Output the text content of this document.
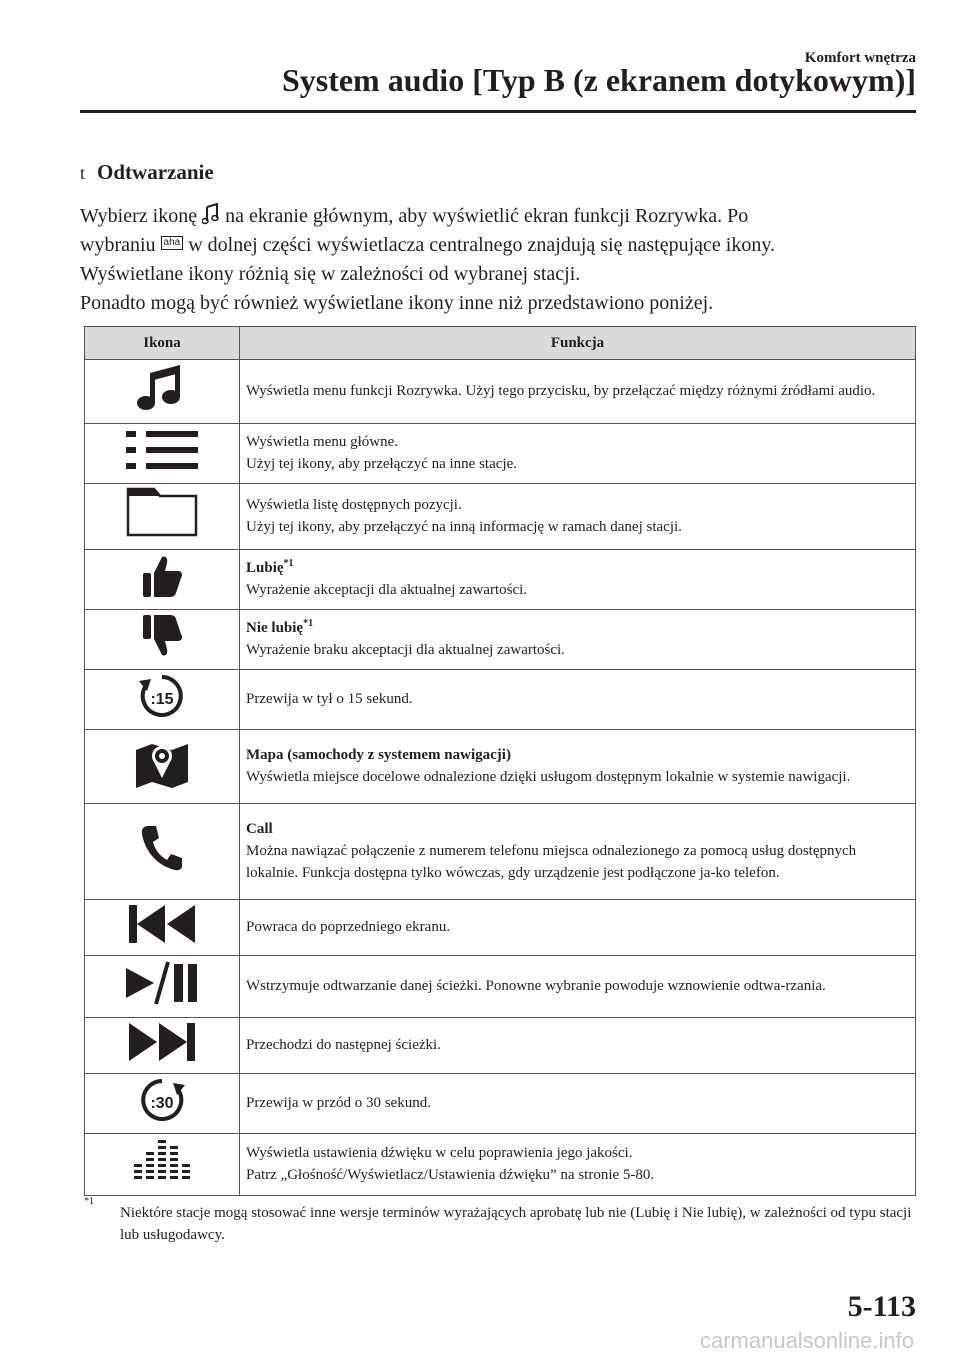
Komfort wnętrza
System audio [Typ B (z ekranem dotykowym)]
t Odtwarzanie

Wybierz ikonę na ekranie głównym, aby wyświetlić ekran funkcji Rozrywka. Po

wybraniu aha w dolnej części wyświetlacza centralnego znajdują się następujące ikony.

Wyświetlane ikony różnią się w zależności od wybranej stacji.

Ponadto mogą być również wyświetlane ikony inne niż przedstawiono poniżej.

Ikona	Funkcja

Wyświetla menu funkcji Rozrywka. Użyj tego przycisku, by przełączać między różnymi źródłami audio.

Wyświetla menu główne.
Użyj tej ikony, aby przełączyć na inne stacje.

Wyświetla listę dostępnych pozycji.
Użyj tej ikony, aby przełączyć na inną informację w ramach danej stacji.

Lubię$^{*1}$
Wyrażenie akceptacji dla aktualnej zawartości.

Nie lubię$^{*1}$
Wyrażenie braku akceptacji dla aktualnej zawartości.

:15	Przewija w tył o 15 sekund.

Mapa (samochody z systemem nawigacji)
Wyświetla miejsce docelowe odnalezione dzięki usługom dostępnym lokalnie w systemie nawigacji.

Call
Można nawiązać połączenie z numerem telefonu miejsca odnalezionego za pomocą usług dostępnych lokalnie. Funkcja dostępna tylko wówczas, gdy urządzenie jest podłączone ja-ko telefon.

Powraca do poprzedniego ekranu.

Wstrzymuje odtwarzanie danej ścieżki. Ponowne wybranie powoduje wznowienie odtwa-rzania.

Przechodzi do następnej ścieżki.

:30	Przewija w przód o 30 sekund.

Wyświetla ustawienia dźwięku w celu poprawienia jego jakości.
Patrz „Głośność/Wyświetlacz/Ustawienia dźwięku” na stronie 5-80.
*1
Niektóre stacje mogą stosować inne wersje terminów wyrażających aprobatę lub nie (Lubię i Nie lubię), w zależności od typu stacji lub usługodawcy.
5-113
carmanualsonline.info
